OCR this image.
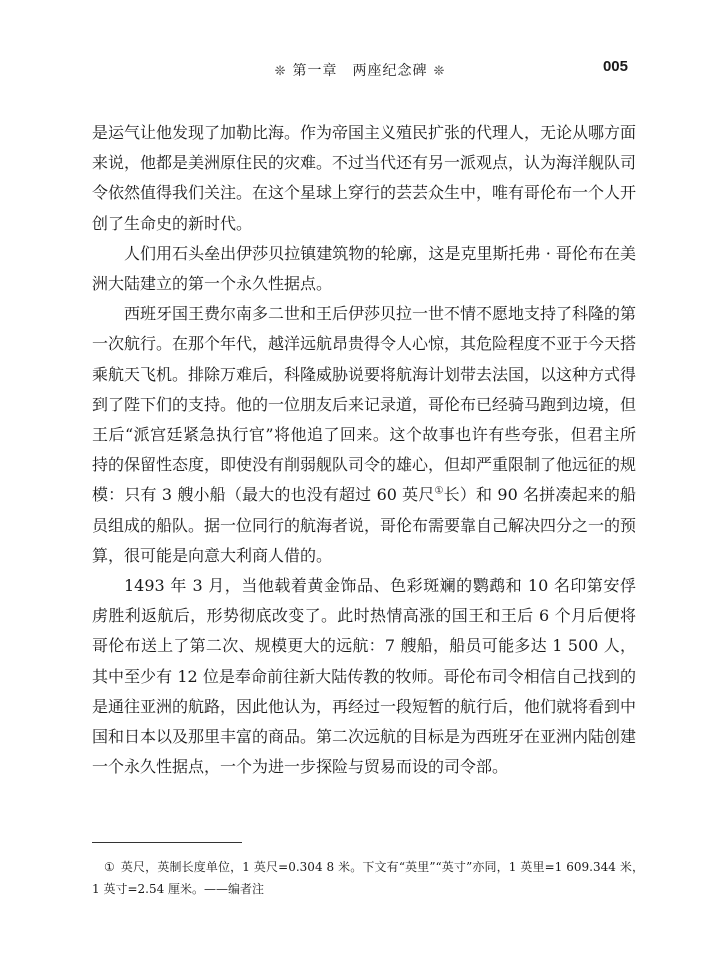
❊ 第一章　两座纪念碑 ❊	005

是运气让他发现了加勒比海。作为帝国主义殖民扩张的代理人，无论从哪方面来说，他都是美洲原住民的灾难。不过当代还有另一派观点，认为海洋舰队司令依然值得我们关注。在这个星球上穿行的芸芸众生中，唯有哥伦布一个人开创了生命史的新时代。

人们用石头垒出伊莎贝拉镇建筑物的轮廓，这是克里斯托弗 · 哥伦布在美洲大陆建立的第一个永久性据点。

西班牙国王费尔南多二世和王后伊莎贝拉一世不情不愿地支持了科隆的第一次航行。在那个年代，越洋远航昂贵得令人心惊，其危险程度不亚于今天搭乘航天飞机。排除万难后，科隆威胁说要将航海计划带去法国，以这种方式得到了陛下们的支持。他的一位朋友后来记录道，哥伦布已经骑马跑到边境，但王后“派宫廷紧急执行官”将他追了回来。这个故事也许有些夸张，但君主所持的保留性态度，即使没有削弱舰队司令的雄心，但却严重限制了他远征的规模：只有 3 艘小船（最大的也没有超过 60 英尺①长）和 90 名拼凑起来的船员组成的船队。据一位同行的航海者说，哥伦布需要靠自己解决四分之一的预算，很可能是向意大利商人借的。

1493 年 3 月，当他载着黄金饰品、色彩斑斓的鹦鹉和 10 名印第安俘虏胜利返航后，形势彻底改变了。此时热情高涨的国王和王后 6 个月后便将哥伦布送上了第二次、规模更大的远航：7 艘船，船员可能多达 1 500 人，其中至少有 12 位是奉命前往新大陆传教的牧师。哥伦布司令相信自己找到的是通往亚洲的航路，因此他认为，再经过一段短暂的航行后，他们就将看到中国和日本以及那里丰富的商品。第二次远航的目标是为西班牙在亚洲内陆创建一个永久性据点，一个为进一步探险与贸易而设的司令部。

① 英尺，英制长度单位，1 英尺=0.304 8 米。下文有“英里”“英寸”亦同，1 英里=1 609.344 米，1 英寸=2.54 厘米。——编者注
